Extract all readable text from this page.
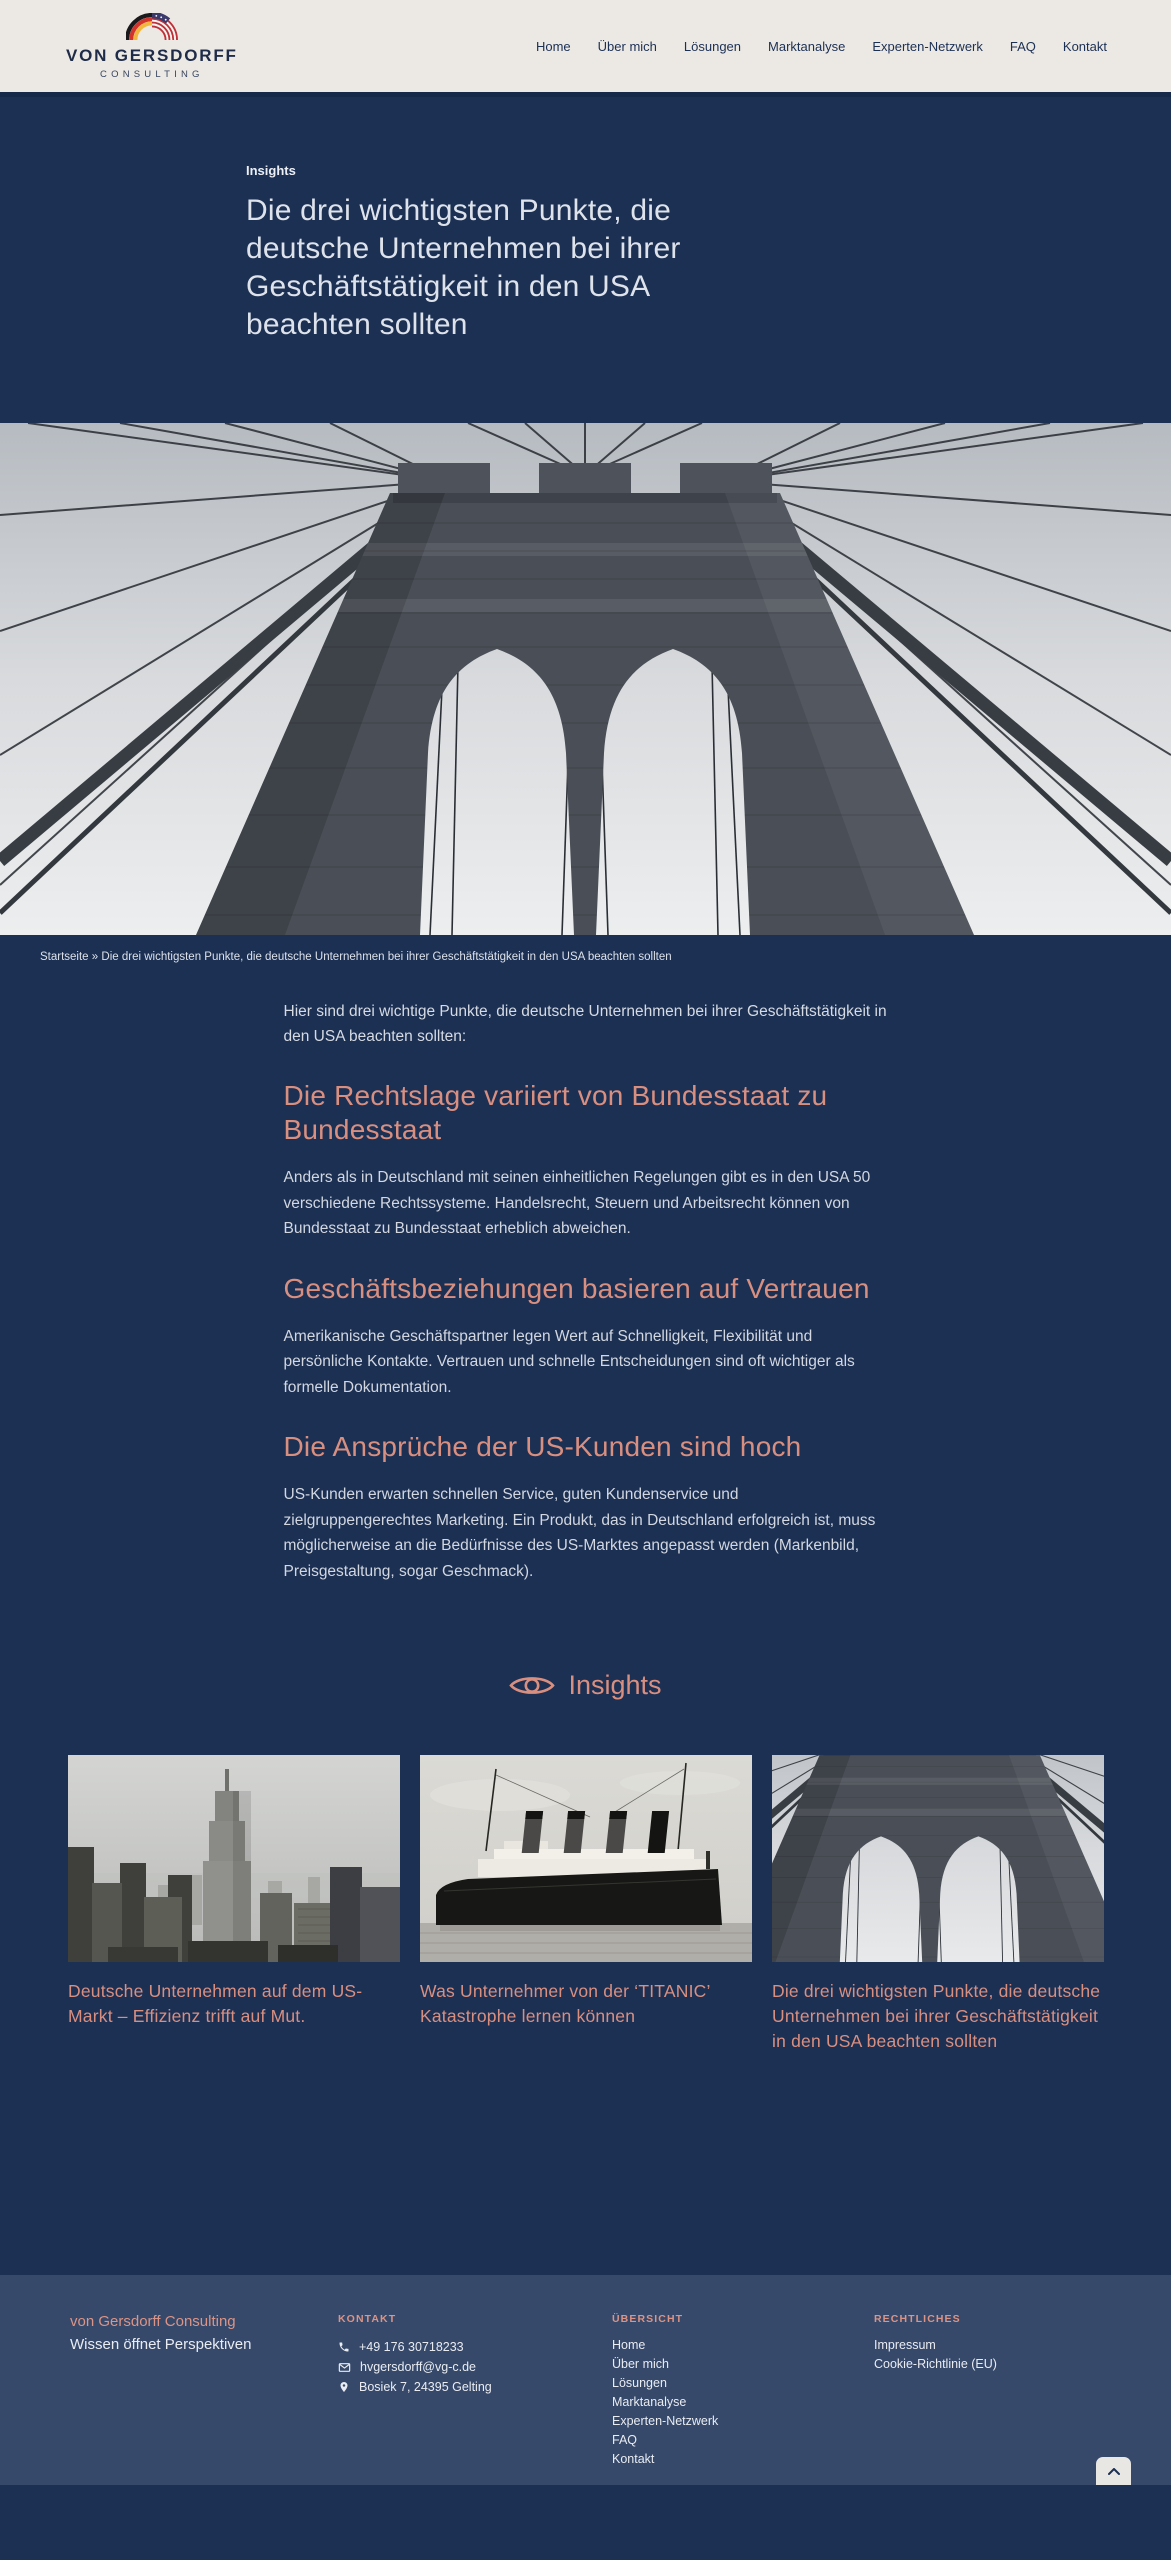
VON GERSDORFF
CONSULTING
Home Über mich Lösungen Marktanalyse Experten-Netzwerk FAQ Kontakt
Insights
Die drei wichtigsten Punkte, die deutsche Unternehmen bei ihrer Geschäftstätigkeit in den USA beachten sollten
Startseite » Die drei wichtigsten Punkte, die deutsche Unternehmen bei ihrer Geschäftstätigkeit in den USA beachten sollten

Hier sind drei wichtige Punkte, die deutsche Unternehmen bei ihrer Geschäftstätigkeit in den USA beachten sollten:

Die Rechtslage variiert von Bundesstaat zu Bundesstaat

Anders als in Deutschland mit seinen einheitlichen Regelungen gibt es in den USA 50 verschiedene Rechtssysteme. Handelsrecht, Steuern und Arbeitsrecht können von Bundesstaat zu Bundesstaat erheblich abweichen.

Geschäftsbeziehungen basieren auf Vertrauen

Amerikanische Geschäftspartner legen Wert auf Schnelligkeit, Flexibilität und persönliche Kontakte. Vertrauen und schnelle Entscheidungen sind oft wichtiger als formelle Dokumentation.

Die Ansprüche der US-Kunden sind hoch

US-Kunden erwarten schnellen Service, guten Kundenservice und zielgruppengerechtes Marketing. Ein Produkt, das in Deutschland erfolgreich ist, muss möglicherweise an die Bedürfnisse des US-Marktes angepasst werden (Markenbild, Preisgestaltung, sogar Geschmack).

Insights
Deutsche Unternehmen auf dem US-Markt – Effizienz trifft auf Mut.
Was Unternehmer von der ‘TITANIC’ Katastrophe lernen können
Die drei wichtigsten Punkte, die deutsche Unternehmen bei ihrer Geschäftstätigkeit in den USA beachten sollten
von Gersdorff Consulting
Wissen öffnet Perspektiven
KONTAKT
+49 176 30718233
hvgersdorff@vg-c.de
Bosiek 7, 24395 Gelting
ÜBERSICHT
Home
Über mich
Lösungen
Marktanalyse
Experten-Netzwerk
FAQ
Kontakt
RECHTLICHES
Impressum
Cookie-Richtlinie (EU)
